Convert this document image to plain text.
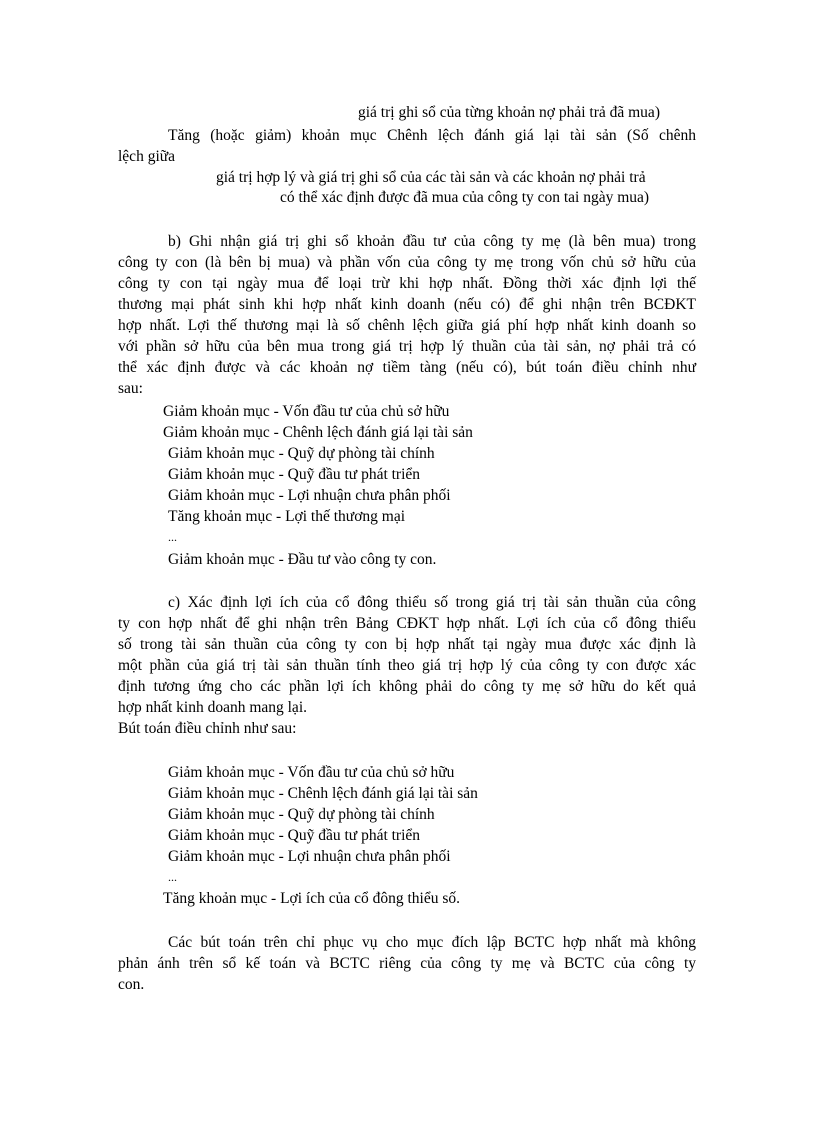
giá trị ghi sổ của từng khoản nợ phải trả đã mua)
Tăng (hoặc giảm) khoản mục Chênh lệch đánh giá lại tài sản (Số chênh
lệch giữa
giá trị hợp lý và giá trị ghi sổ của các tài sản và các khoản nợ phải trả
có thể xác định được đã mua của công ty con tai ngày mua)
b) Ghi nhận giá trị ghi sổ khoản đầu tư của công ty mẹ (là bên mua) trong
công ty con (là bên bị mua) và phần vốn của công ty mẹ trong vốn chủ sở hữu của
công ty con tại ngày mua để loại trừ khi hợp nhất. Đồng thời xác định lợi thế
thương mại phát sinh khi hợp nhất kinh doanh (nếu có) để ghi nhận trên BCĐKT
hợp nhất. Lợi thế thương mại là số chênh lệch giữa giá phí hợp nhất kinh doanh so
với phần sở hữu của bên mua trong giá trị hợp lý thuần của tài sản, nợ phải trả có
thể xác định được và các khoản nợ tiềm tàng (nếu có), bút toán điều chỉnh như
sau:
Giảm khoản mục - Vốn đầu tư của chủ sở hữu
Giảm khoản mục - Chênh lệch đánh giá lại tài sản
Giảm khoản mục - Quỹ dự phòng tài chính
Giảm khoản mục - Quỹ đầu tư phát triển
Giảm khoản mục - Lợi nhuận chưa phân phối
Tăng khoản mục - Lợi thế thương mại
...
Giảm khoản mục - Đầu tư vào công ty con.
c) Xác định lợi ích của cổ đông thiểu số trong giá trị tài sản thuần của công
ty con hợp nhất để ghi nhận trên Bảng CĐKT hợp nhất. Lợi ích của cổ đông thiểu
số trong tài sản thuần của công ty con bị hợp nhất tại ngày mua được xác định là
một phần của giá trị tài sản thuần tính theo giá trị hợp lý của công ty con được xác
định tương ứng cho các phần lợi ích không phải do công ty mẹ sở hữu do kết quả
hợp nhất kinh doanh mang lại.
Bút toán điều chỉnh như sau:
Giảm khoản mục - Vốn đầu tư của chủ sở hữu
Giảm khoản mục - Chênh lệch đánh giá lại tài sản
Giảm khoản mục - Quỹ dự phòng tài chính
Giảm khoản mục - Quỹ đầu tư phát triển
Giảm khoản mục - Lợi nhuận chưa phân phối
...
Tăng khoản mục - Lợi ích của cổ đông thiểu số.
Các bút toán trên chỉ phục vụ cho mục đích lập BCTC hợp nhất mà không
phản ánh trên sổ kế toán và BCTC riêng của công ty mẹ và BCTC của công ty
con.
